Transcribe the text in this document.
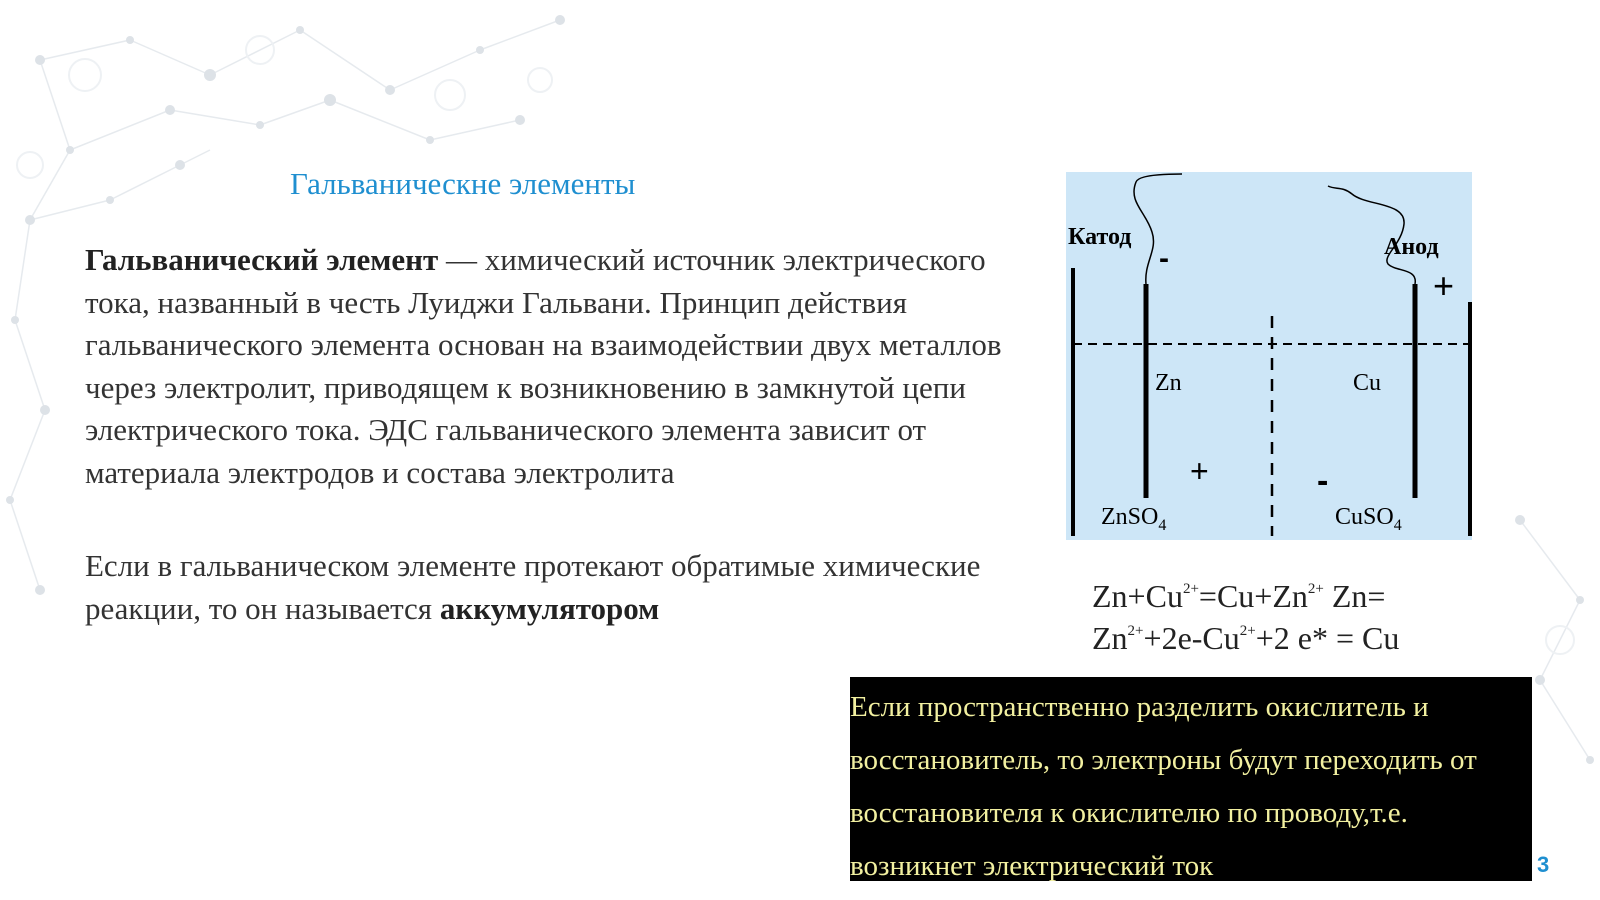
Гальваническне элементы
Гальванический элемент — химический источник электрического тока, названный в честь Луиджи Гальвани. Принцип действия гальванического элемента основан на взаимодействии двух металлов через электролит, приводящем к возникновению в замкнутой цепи электрического тока. ЭДС гальванического элемента зависит от материала электродов и состава электролита
Если в гальваническом элементе протекают обратимые химические реакции, то он называется аккумулятором
Катод	Анод
-
+
Zn	Cu
+	-
ZnSO$_4$	CuSO$_4$
$Zn+Cu^{2+}=Cu+Zn^{2+}$ Zn=
$Zn^{2+}+2e-Cu^{2+}+2$ e* = Cu
Если пространственно разделить окислитель и восстановитель, то электроны будут переходить от восстановителя к окислителю по проводу,т.е. возникнет электрический ток	3
